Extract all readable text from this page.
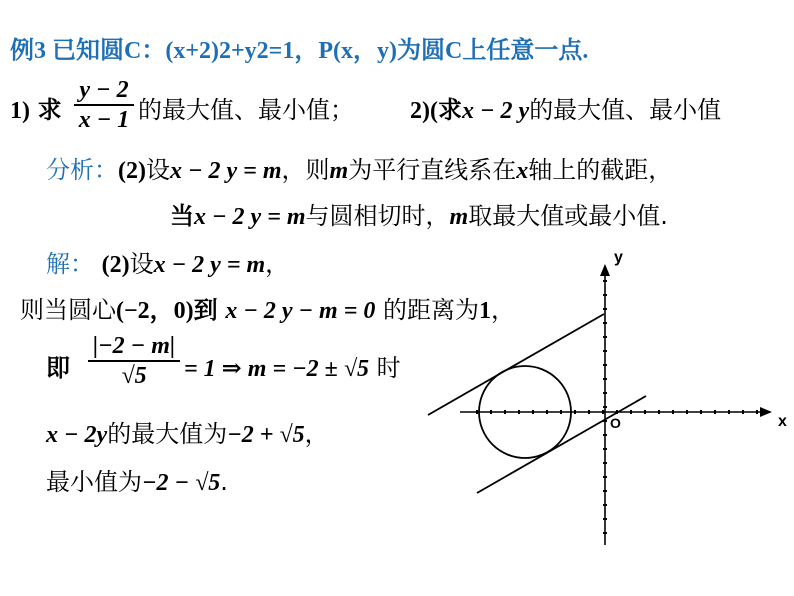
例3 已知圆C：(x+2)2+y2=1，P(x，y)为圆C上任意一点.
1) 求
y − 2
x − 1 的最大值、最小值； 2)(求x − 2 y的最大值、最小值
分析：(2)设x − 2 y = m，则m为平行直线系在x轴上的截距，
当x − 2 y = m与圆相切时，m取最大值或最小值.
解： (2)设x − 2 y = m，
则当圆心(−2，0)到 x − 2 y − m = 0 的距离为1，
即
|−2 − m|
√5	= 1 ⇒ m = −2 ± √5 时
x − 2y的最大值为−2 + √5，
最小值为−2 − √5.
y
x
O
